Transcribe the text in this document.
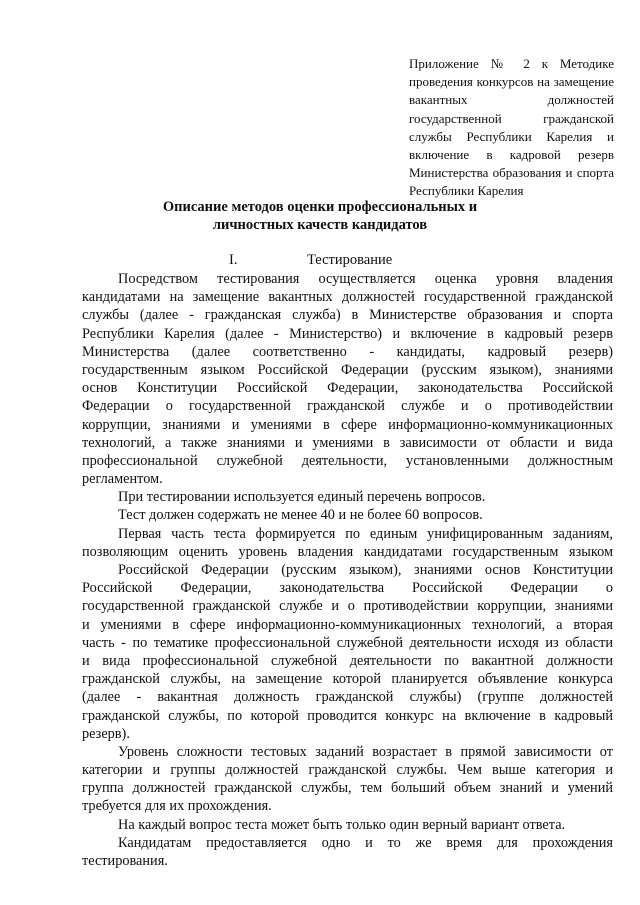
Приложение № 2 к Методике
проведения конкурсов на замещение
вакантных должностей
государственной гражданской
службы Республики Карелия и
включение в кадровой резерв
Министерства образования и спорта
Республики Карелия
Описание методов оценки профессиональных и
личностных качеств кандидатов
I.	Тестирование
Посредством тестирования осуществляется оценка уровня владения
кандидатами на замещение вакантных должностей государственной гражданской
службы (далее - гражданская служба) в Министерстве образования и спорта
Республики Карелия (далее - Министерство) и включение в кадровый резерв
Министерства (далее соответственно - кандидаты, кадровый резерв)
государственным языком Российской Федерации (русским языком), знаниями
основ Конституции Российской Федерации, законодательства Российской
Федерации о государственной гражданской службе и о противодействии
коррупции, знаниями и умениями в сфере информационно-коммуникационных
технологий, а также знаниями и умениями в зависимости от области и вида
профессиональной служебной деятельности, установленными должностным
регламентом.
При тестировании используется единый перечень вопросов.
Тест должен содержать не менее 40 и не более 60 вопросов.
Первая часть теста формируется по единым унифицированным заданиям,
позволяющим оценить уровень владения кандидатами государственным языком
Российской Федерации (русским языком), знаниями основ Конституции
Российской Федерации, законодательства Российской Федерации о
государственной гражданской службе и о противодействии коррупции, знаниями
и умениями в сфере информационно-коммуникационных технологий, а вторая
часть - по тематике профессиональной служебной деятельности исходя из области
и вида профессиональной служебной деятельности по вакантной должности
гражданской службы, на замещение которой планируется объявление конкурса
(далее - вакантная должность гражданской службы) (группе должностей
гражданской службы, по которой проводится конкурс на включение в кадровый
резерв).
Уровень сложности тестовых заданий возрастает в прямой зависимости от
категории и группы должностей гражданской службы. Чем выше категория и
группа должностей гражданской службы, тем больший объем знаний и умений
требуется для их прохождения.
На каждый вопрос теста может быть только один верный вариант ответа.
Кандидатам предоставляется одно и то же время для прохождения
тестирования.
